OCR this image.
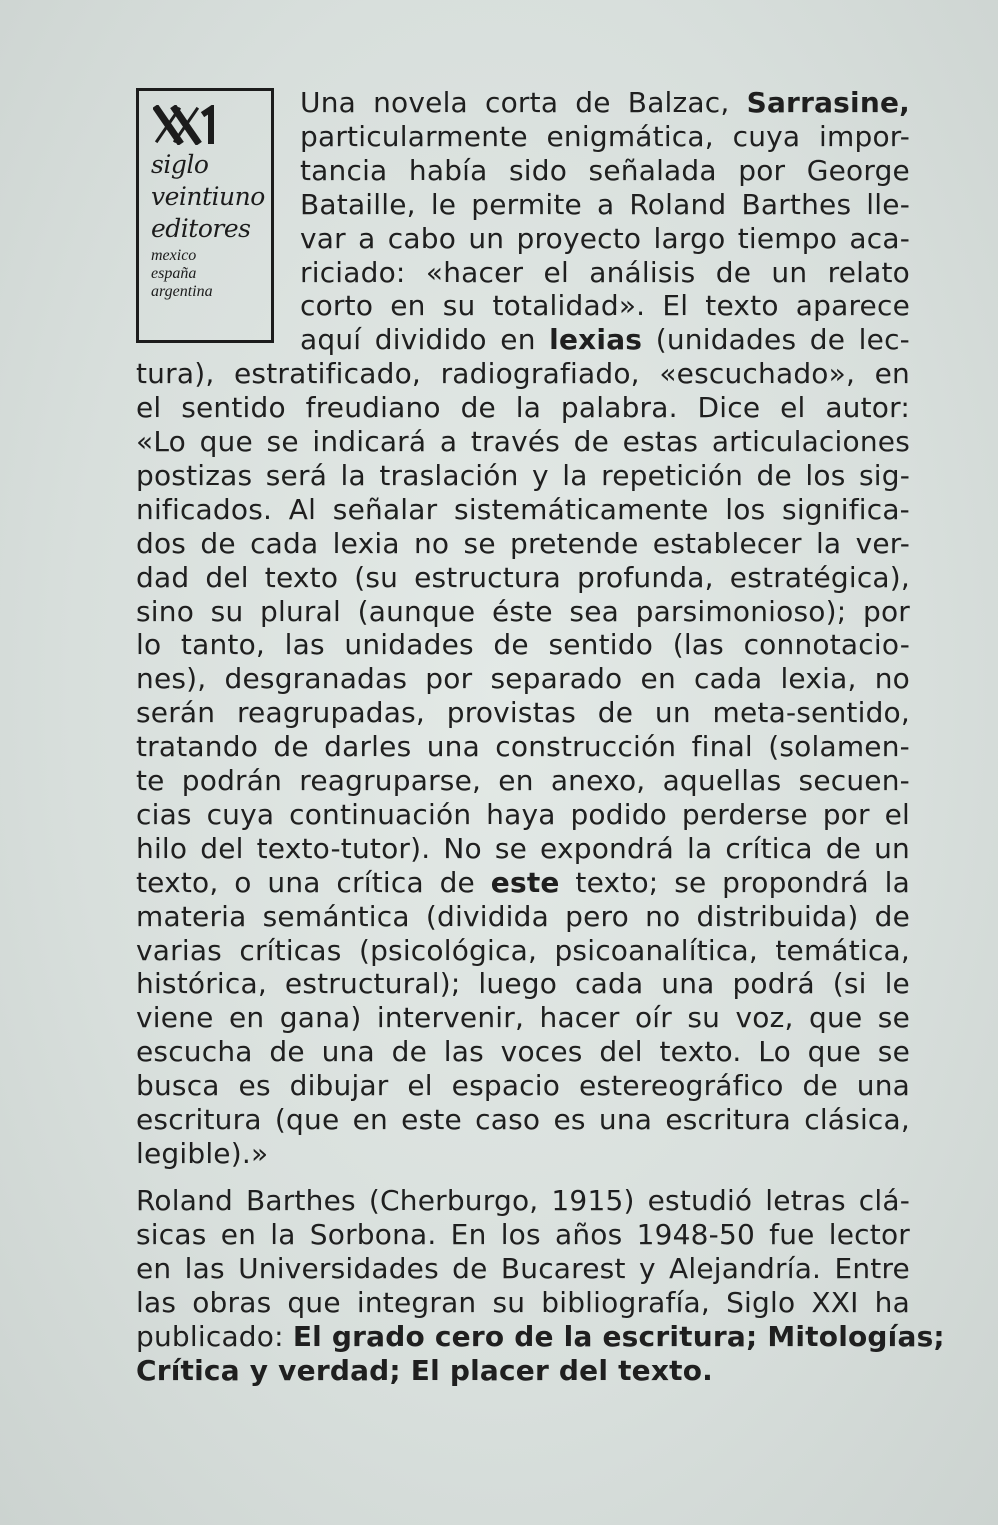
siglo
veintiuno
editores
mexico
españa
argentina
Una novela corta de Balzac, Sarrasine,
particularmente enigmática, cuya impor-
tancia había sido señalada por George
Bataille, le permite a Roland Barthes lle-
var a cabo un proyecto largo tiempo aca-
riciado: «hacer el análisis de un relato
corto en su totalidad». El texto aparece
aquí dividido en lexias (unidades de lec-
tura), estratificado, radiografiado, «escuchado», en
el sentido freudiano de la palabra. Dice el autor:
«Lo que se indicará a través de estas articulaciones
postizas será la traslación y la repetición de los sig-
nificados. Al señalar sistemáticamente los significa-
dos de cada lexia no se pretende establecer la ver-
dad del texto (su estructura profunda, estratégica),
sino su plural (aunque éste sea parsimonioso); por
lo tanto, las unidades de sentido (las connotacio-
nes), desgranadas por separado en cada lexia, no
serán reagrupadas, provistas de un meta-sentido,
tratando de darles una construcción final (solamen-
te podrán reagruparse, en anexo, aquellas secuen-
cias cuya continuación haya podido perderse por el
hilo del texto-tutor). No se expondrá la crítica de un
texto, o una crítica de este texto; se propondrá la
materia semántica (dividida pero no distribuida) de
varias críticas (psicológica, psicoanalítica, temática,
histórica, estructural); luego cada una podrá (si le
viene en gana) intervenir, hacer oír su voz, que se
escucha de una de las voces del texto. Lo que se
busca es dibujar el espacio estereográfico de una
escritura (que en este caso es una escritura clásica,
legible).»
Roland Barthes (Cherburgo, 1915) estudió letras clá-
sicas en la Sorbona. En los años 1948-50 fue lector
en las Universidades de Bucarest y Alejandría. Entre
las obras que integran su bibliografía, Siglo XXI ha
publicado: El grado cero de la escritura; Mitologías;
Crítica y verdad; El placer del texto.
